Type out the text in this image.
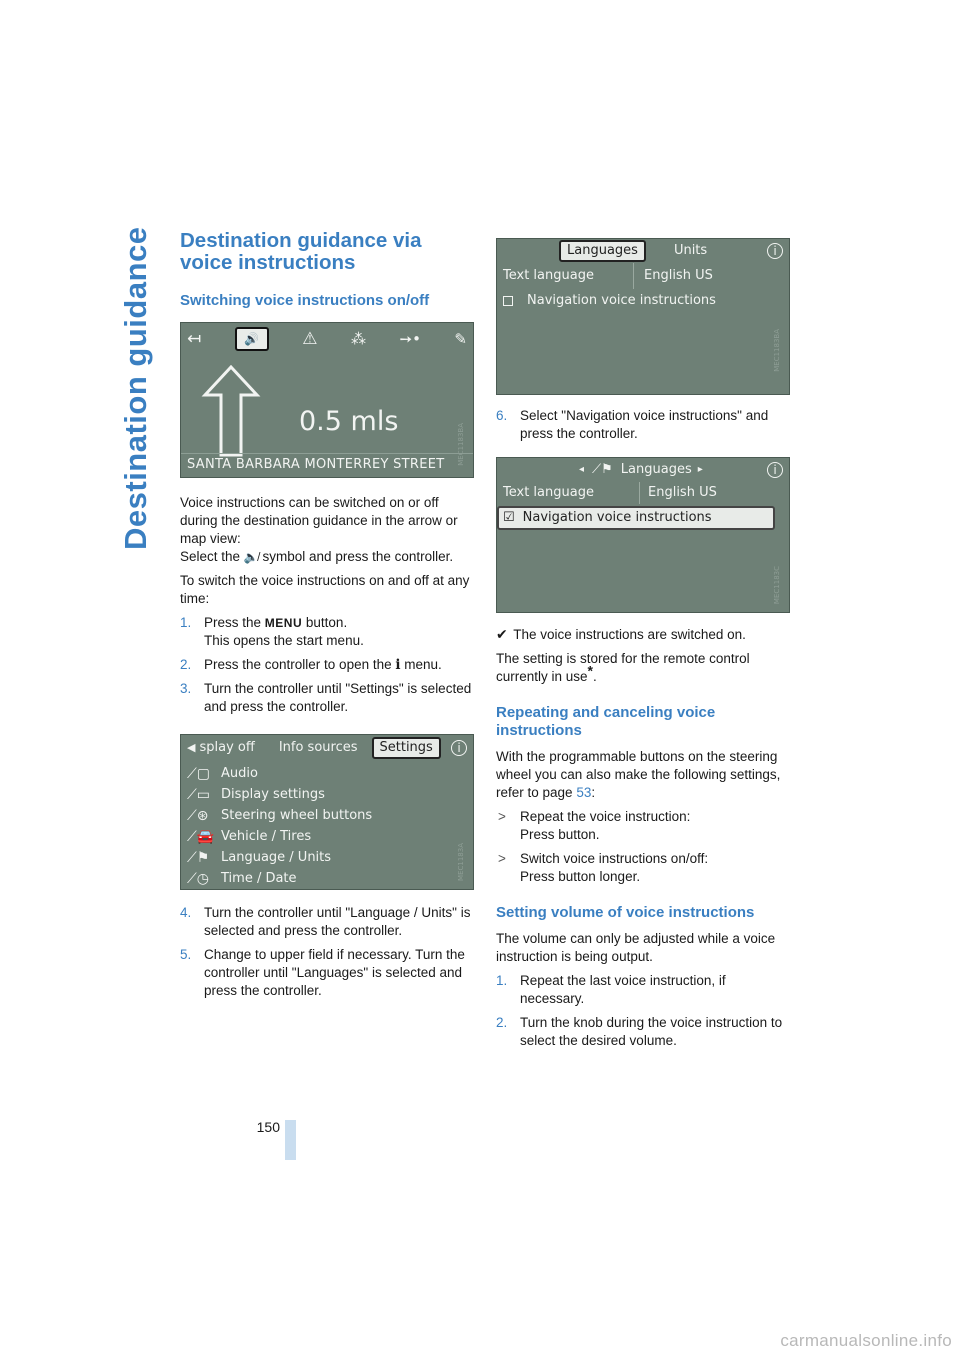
Destination guidance Destination guidance via voice instructions
Switching voice instructions on/off
↤	🔊	⚠ ⁂ ➙• ✎
0.5 mls
SANTA BARBARA MONTERREY STREET	MEC1183BA

Voice instructions can be switched on or off during the destination guidance in the arrow or map view:
Select the 🔈̸ symbol and press the controller.

To switch the voice instructions on and off at any time:

1. Press the MENU button.
This opens the start menu.
2. Press the controller to open the i menu.
3. Turn the controller until "Settings" is selected and press the controller.
◀ splay off Info sources	Settings	i
⟋▢ Audio
⟋▭ Display settings
⟋⊛ Steering wheel buttons
⟋🚘 Vehicle / Tires
⟋⚑ Language / Units
⟋◷ Time / Date	MEC1183A
4. Turn the controller until "Language / Units" is selected and press the controller.
5. Change to upper field if necessary. Turn the controller until "Languages" is selected and press the controller.
Languages	Units	i
Text language	English US
Navigation voice instructions
MEC1183BA
6. Select "Navigation voice instructions" and press the controller.
◂ ⟋⚑ Languages ▸	i
Text language	English US
☑ Navigation voice instructions
MEC1183C

✔ The voice instructions are switched on.

The setting is stored for the remote control currently in use*.

Repeating and canceling voice instructions

With the programmable buttons on the steering wheel you can also make the following settings, refer to page 53:

> Repeat the voice instruction:
Press button.
> Switch voice instructions on/off:
Press button longer.
Setting volume of voice instructions

The volume can only be adjusted while a voice instruction is being output.

1. Repeat the last voice instruction, if necessary.
2. Turn the knob during the voice instruction to select the desired volume.
150
carmanualsonline.info
